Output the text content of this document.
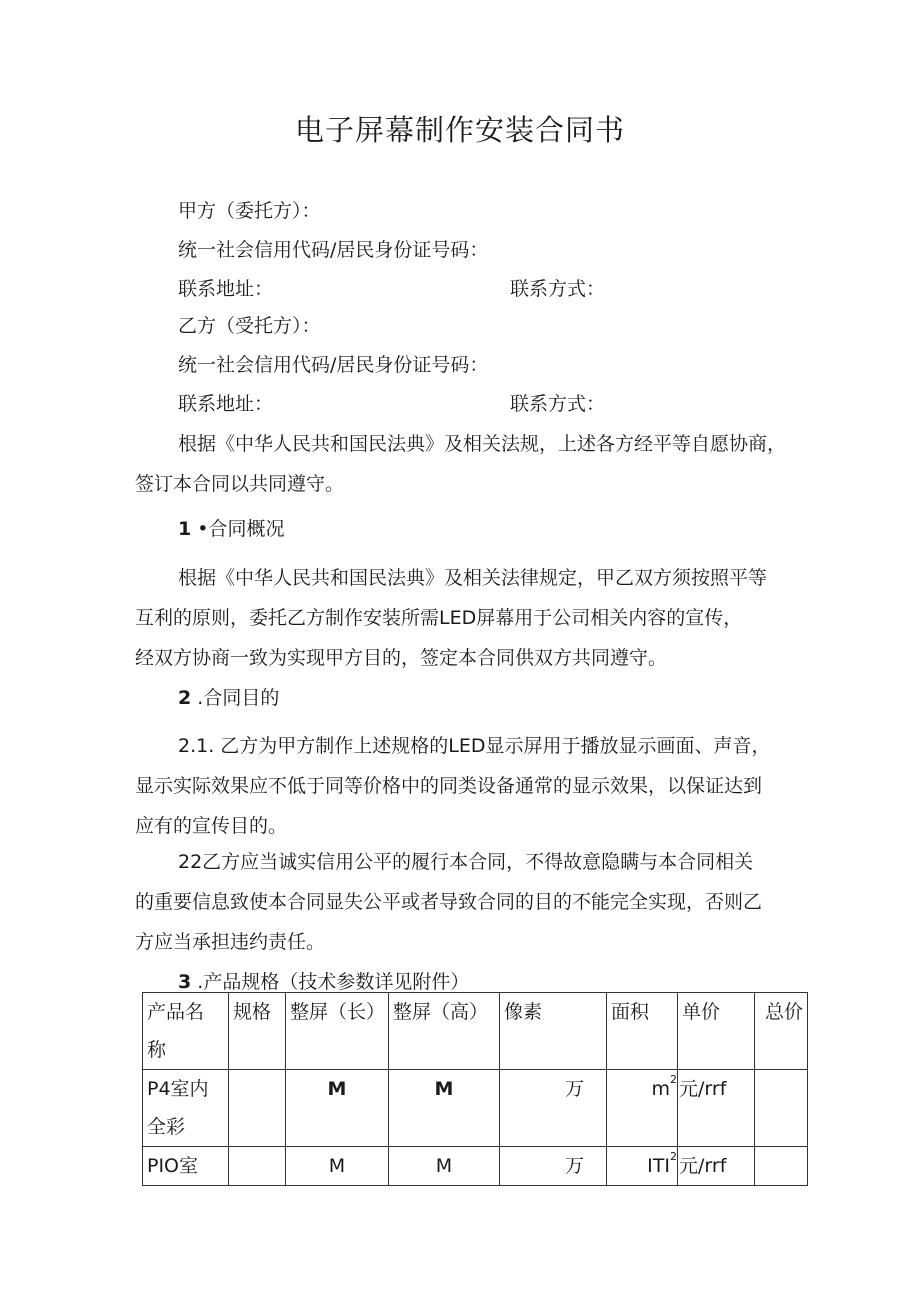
电子屏幕制作安装合同书
甲方（委托方）：
统一社会信用代码/居民身份证号码：
联系地址：	联系方式：
乙方（受托方）：
统一社会信用代码/居民身份证号码：
联系地址：	联系方式：
根据《中华人民共和国民法典》及相关法规，上述各方经平等自愿协商，
签订本合同以共同遵守。
1 •合同概况
根据《中华人民共和国民法典》及相关法律规定，甲乙双方须按照平等
互利的原则，委托乙方制作安装所需LED屏幕用于公司相关内容的宣传，
经双方协商一致为实现甲方目的，签定本合同供双方共同遵守。
2 .合同目的
2.1. 乙方为甲方制作上述规格的LED显示屏用于播放显示画面、声音，
显示实际效果应不低于同等价格中的同类设备通常的显示效果，以保证达到
应有的宣传目的。
22乙方应当诚实信用公平的履行本合同，不得故意隐瞒与本合同相关
的重要信息致使本合同显失公平或者导致合同的目的不能完全实现，否则乙
方应当承担违约责任。
3 .产品规格（技术参数详见附件）
产品名
称	规格	整屏（长）	整屏（高）	像素	面积	单价	总价

P4室内
全彩		M	M	万	$m^2$	元/rrf	

PIO室		M	M	万	ITI$^2$	元/rrf	
